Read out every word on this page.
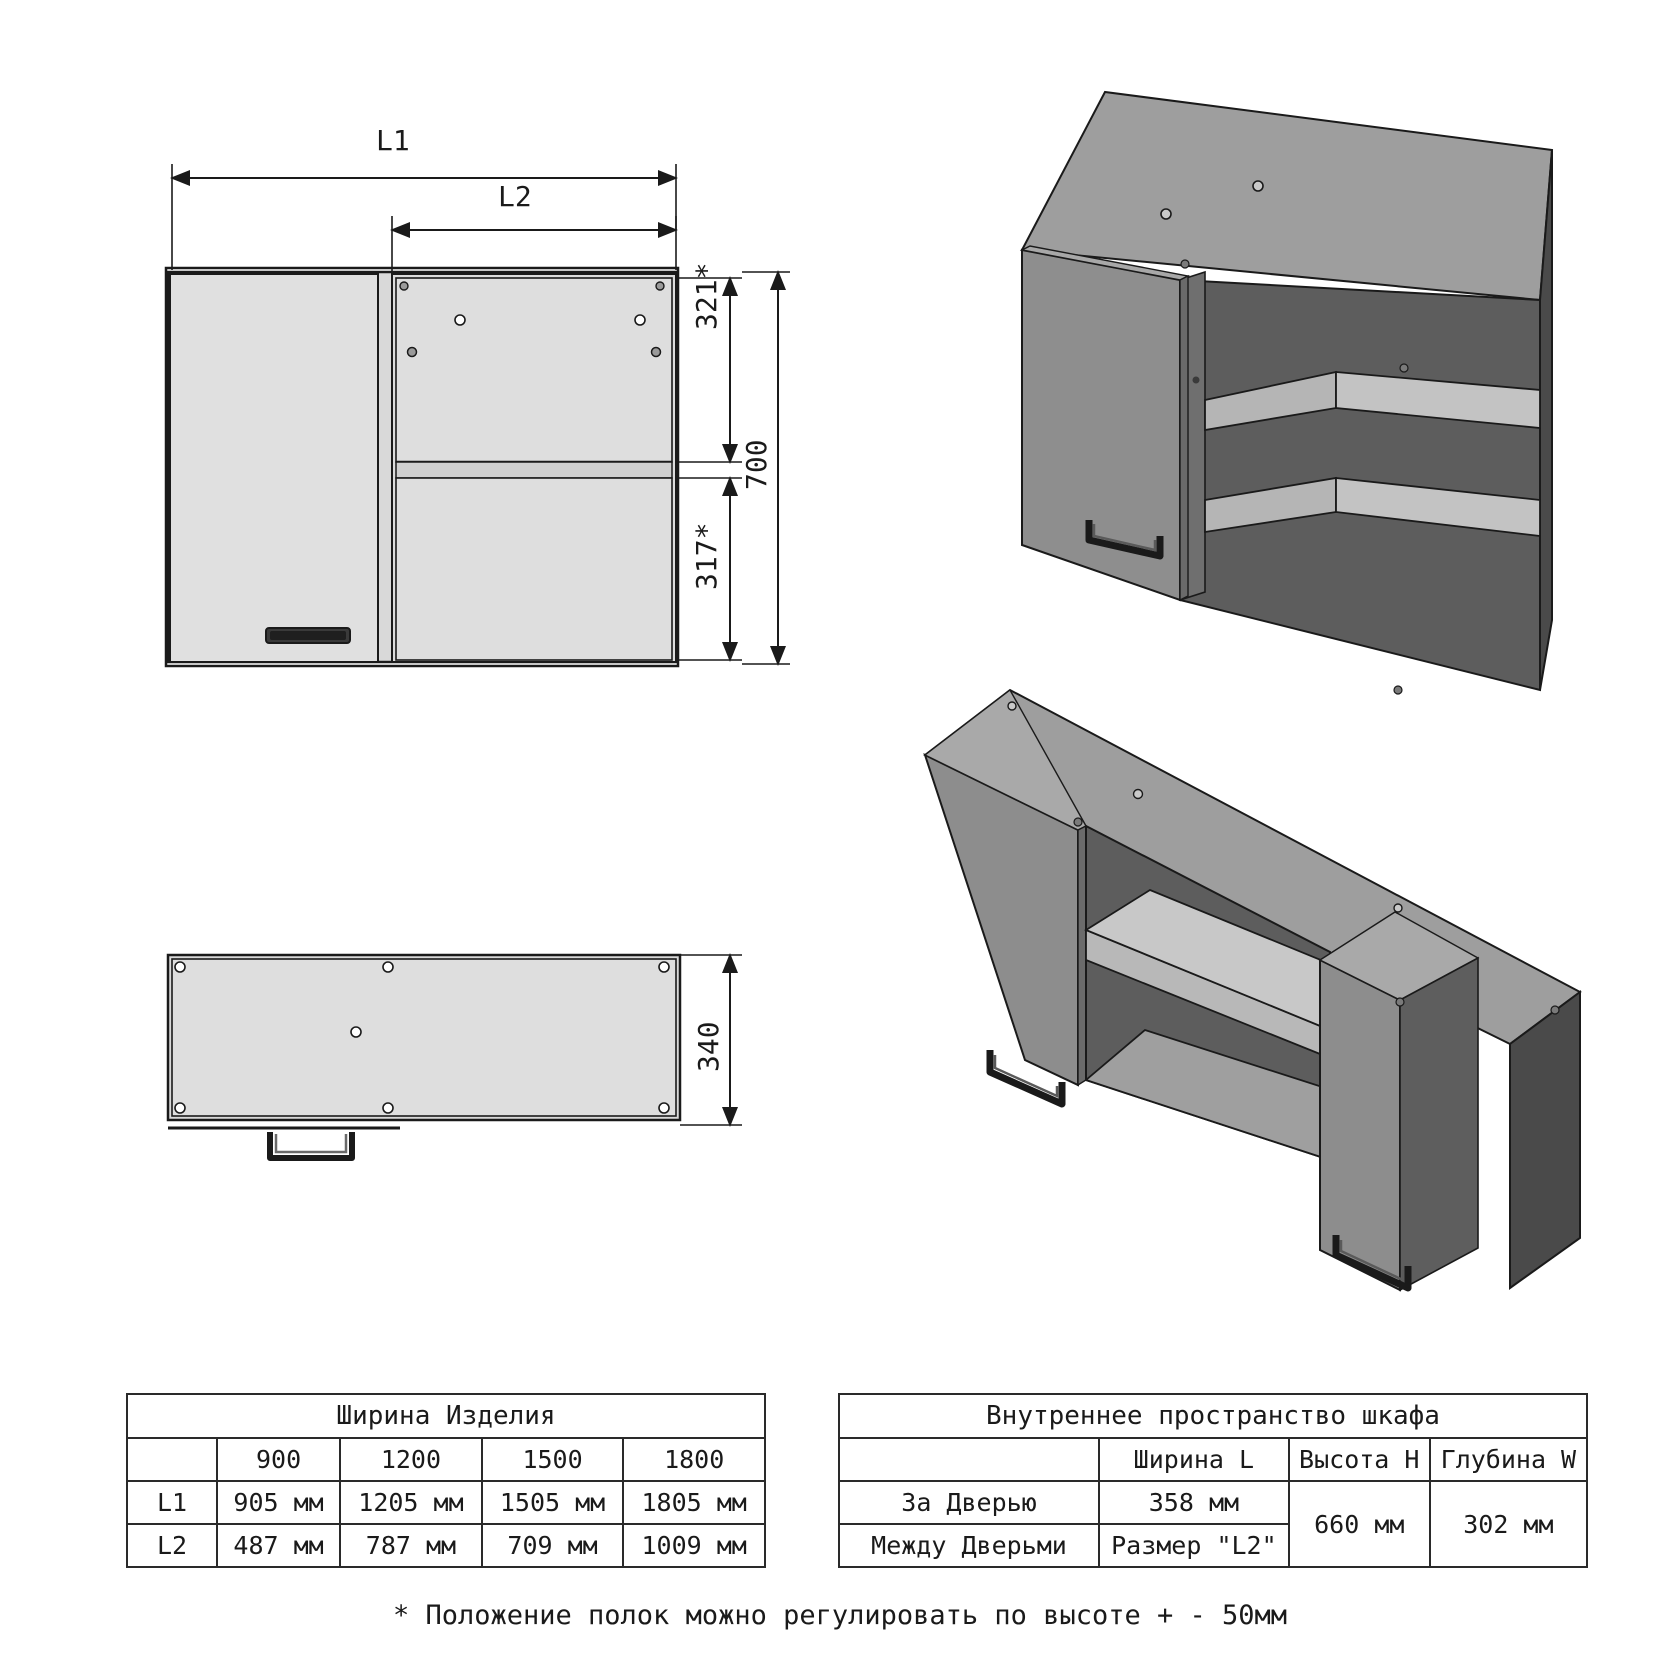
L1
L2
321*
317*
700
340
Ширина Изделия				
	900	1200	1500	1800
L1	905 мм	1205 мм	1505 мм	1805 мм
L2	487 мм	787 мм	709 мм	1009 мм
Внутреннее пространство шкафа			
	Ширина L	Высота H	Глубина W
За Дверью	358 мм	660 мм	302 мм
Между Дверьми	Размер "L2"		
* Положение полок можно регулировать по высоте + - 50мм
